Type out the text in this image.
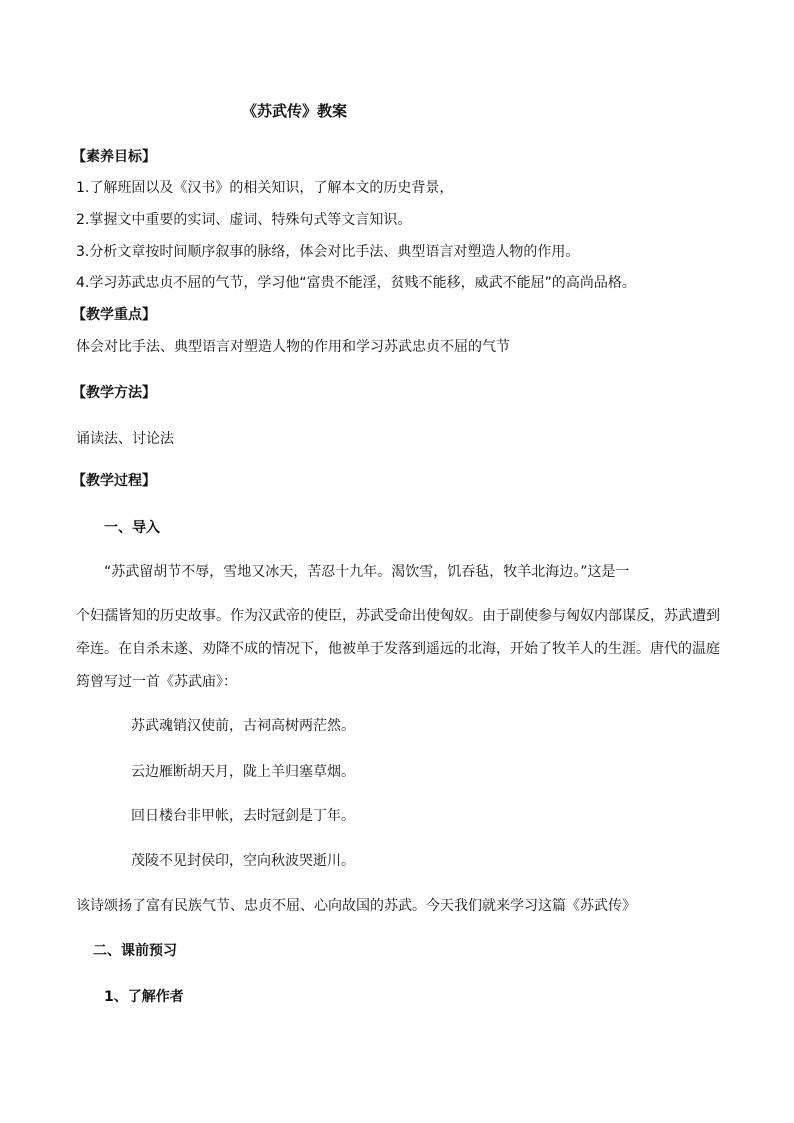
《苏武传》教案
【素养目标】
1.了解班固以及《汉书》的相关知识，了解本文的历史背景，
2.掌握文中重要的实词、虚词、特殊句式等文言知识。
3.分析文章按时间顺序叙事的脉络，体会对比手法、典型语言对塑造人物的作用。
4.学习苏武忠贞不屈的气节，学习他“富贵不能淫，贫贱不能移，威武不能屈”的高尚品格。
【教学重点】
体会对比手法、典型语言对塑造人物的作用和学习苏武忠贞不屈的气节
【教学方法】
诵读法、讨论法
【教学过程】
一、导入
“苏武留胡节不辱，雪地又冰天，苦忍十九年。渴饮雪，饥吞毡，牧羊北海边。”这是一
个妇孺皆知的历史故事。作为汉武帝的使臣，苏武受命出使匈奴。由于副使参与匈奴内部谋反，苏武遭到
牵连。在自杀未遂、劝降不成的情况下，他被单于发落到遥远的北海，开始了牧羊人的生涯。唐代的温庭
筠曾写过一首《苏武庙》：
苏武魂销汉使前，古祠高树两茫然。
云边雁断胡天月，陇上羊归塞草烟。
回日楼台非甲帐，去时冠剑是丁年。
茂陵不见封侯印，空向秋波哭逝川。
该诗颂扬了富有民族气节、忠贞不屈、心向故国的苏武。今天我们就来学习这篇《苏武传》
二、课前预习
1、了解作者
